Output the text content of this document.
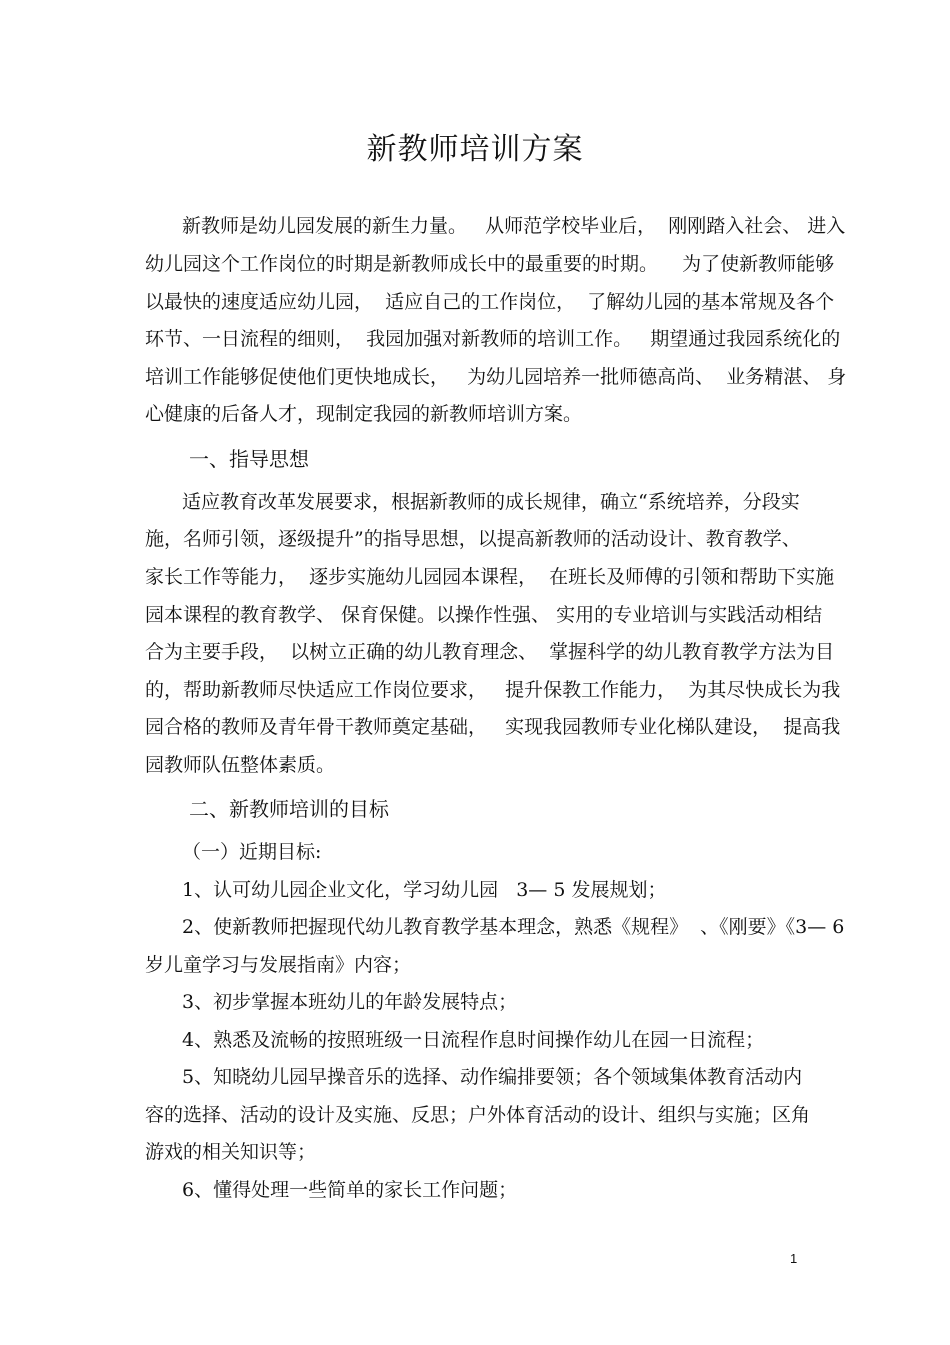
新教师培训方案
新教师是幼儿园发展的新生力量。   从师范学校毕业后，  刚刚踏入社会、 进入
幼儿园这个工作岗位的时期是新教师成长中的最重要的时期。    为了使新教师能够
以最快的速度适应幼儿园，  适应自己的工作岗位，  了解幼儿园的基本常规及各个
环节、一日流程的细则，  我园加强对新教师的培训工作。   期望通过我园系统化的
培训工作能够促使他们更快地成长，   为幼儿园培养一批师德高尚、  业务精湛、 身
心健康的后备人才，现制定我园的新教师培训方案。
一、指导思想
适应教育改革发展要求，根据新教师的成长规律，确立“系统培养，分段实
施，名师引领，逐级提升”的指导思想，以提高新教师的活动设计、教育教学、
家长工作等能力，  逐步实施幼儿园园本课程，  在班长及师傅的引领和帮助下实施
园本课程的教育教学、 保育保健。以操作性强、 实用的专业培训与实践活动相结
合为主要手段，  以树立正确的幼儿教育理念、  掌握科学的幼儿教育教学方法为目
的，帮助新教师尽快适应工作岗位要求，   提升保教工作能力，  为其尽快成长为我
园合格的教师及青年骨干教师奠定基础，   实现我园教师专业化梯队建设，  提高我
园教师队伍整体素质。
二、新教师培训的目标
（一）近期目标:
1、认可幼儿园企业文化，学习幼儿园   3— 5 发展规划；
2、使新教师把握现代幼儿教育教学基本理念，熟悉《规程》  、《刚要》《3— 6
岁儿童学习与发展指南》内容；
3、初步掌握本班幼儿的年龄发展特点；
4、熟悉及流畅的按照班级一日流程作息时间操作幼儿在园一日流程；
5、知晓幼儿园早操音乐的选择、动作编排要领；各个领域集体教育活动内
容的选择、活动的设计及实施、反思；户外体育活动的设计、组织与实施；区角
游戏的相关知识等；
6、懂得处理一些简单的家长工作问题；
1
